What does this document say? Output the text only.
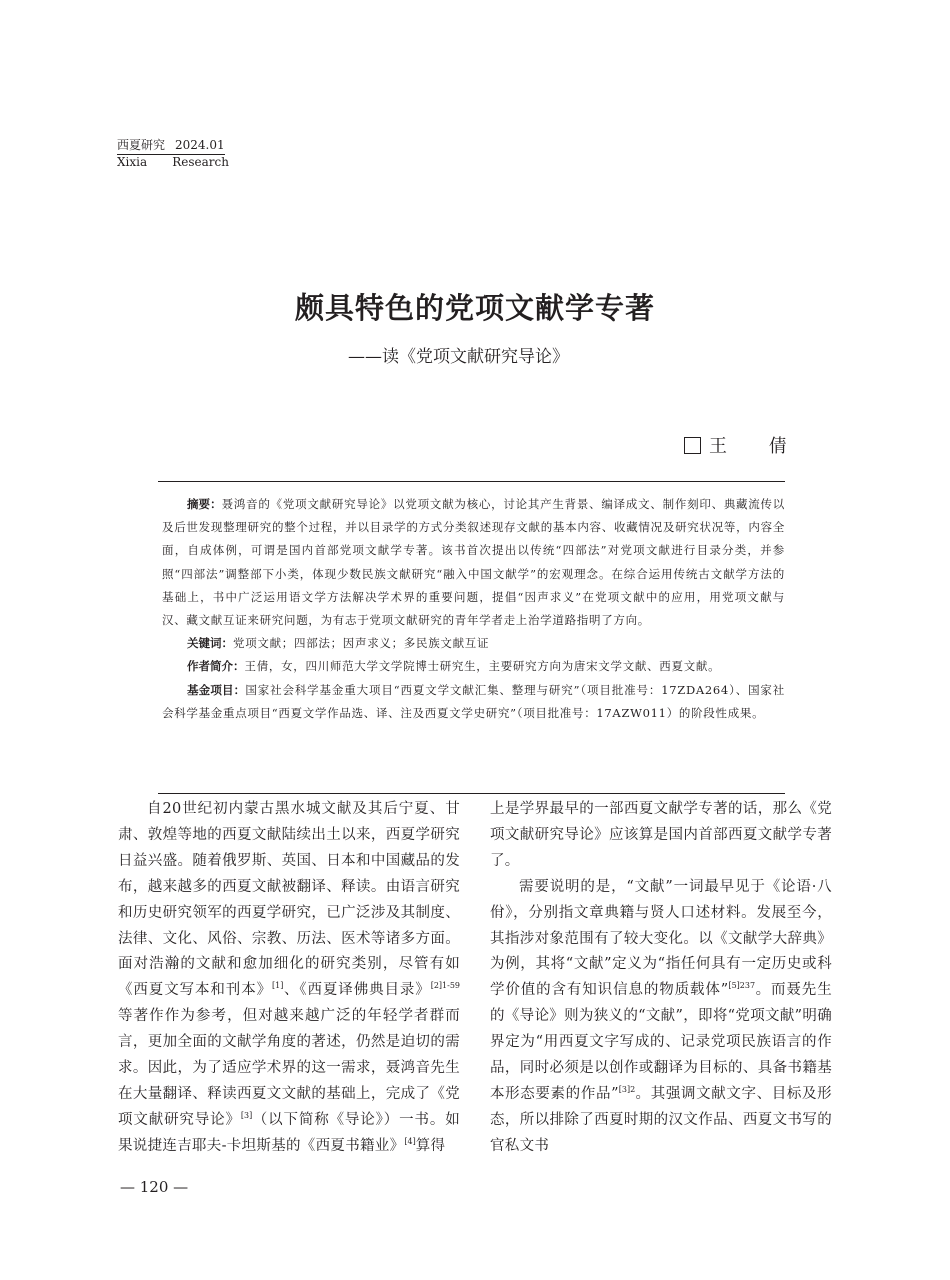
西夏研究 2024.01
Xixia Research
颇具特色的党项文献学专著
——读《党项文献研究导论》
王 倩

摘要：聂鸿音的《党项文献研究导论》以党项文献为核心，讨论其产生背景、编译成文、制作刻印、典藏流传以及后世发现整理研究的整个过程，并以目录学的方式分类叙述现存文献的基本内容、收藏情况及研究状况等，内容全面，自成体例，可谓是国内首部党项文献学专著。该书首次提出以传统“四部法”对党项文献进行目录分类，并参照“四部法”调整部下小类，体现少数民族文献研究“融入中国文献学”的宏观理念。在综合运用传统古文献学方法的基础上，书中广泛运用语文学方法解决学术界的重要问题，提倡“因声求义”在党项文献中的应用，用党项文献与汉、藏文献互证来研究问题，为有志于党项文献研究的青年学者走上治学道路指明了方向。

关键词：党项文献；四部法；因声求义；多民族文献互证

作者简介：王倩，女，四川师范大学文学院博士研究生，主要研究方向为唐宋文学文献、西夏文献。

基金项目：国家社会科学基金重大项目“西夏文学文献汇集、整理与研究”（项目批准号：17ZDA264）、国家社会科学基金重点项目“西夏文学作品选、译、注及西夏文学史研究”（项目批准号：17AZW011）的阶段性成果。

自20世纪初内蒙古黑水城文献及其后宁夏、甘肃、敦煌等地的西夏文献陆续出土以来，西夏学研究日益兴盛。随着俄罗斯、英国、日本和中国藏品的发布，越来越多的西夏文献被翻译、释读。由语言研究和历史研究领军的西夏学研究，已广泛涉及其制度、法律、文化、风俗、宗教、历法、医术等诸多方面。面对浩瀚的文献和愈加细化的研究类别，尽管有如《西夏文写本和刊本》[1]、《西夏译佛典目录》$^{[2]1-59}$等著作作为参考，但对越来越广泛的年轻学者群而言，更加全面的文献学角度的著述，仍然是迫切的需求。因此，为了适应学术界的这一需求，聂鸿音先生在大量翻译、释读西夏文文献的基础上，完成了《党项文献研究导论》[3]（以下简称《导论》）一书。如果说捷连吉耶夫-卡坦斯基的《西夏书籍业》[4]算得

上是学界最早的一部西夏文献学专著的话，那么《党项文献研究导论》应该算是国内首部西夏文献学专著了。

需要说明的是，“文献”一词最早见于《论语·八佾》，分别指文章典籍与贤人口述材料。发展至今，其指涉对象范围有了较大变化。以《文献学大辞典》为例，其将“文献”定义为“指任何具有一定历史或科学价值的含有知识信息的物质载体”$^{[5]237}$。而聂先生的《导论》则为狭义的“文献”，即将“党项文献”明确界定为“用西夏文字写成的、记录党项民族语言的作品，同时必须是以创作或翻译为目标的、具备书籍基本形态要素的作品”$^{[3]2}$。其强调文献文字、目标及形态，所以排除了西夏时期的汉文作品、西夏文书写的官私文书

— 120 —
